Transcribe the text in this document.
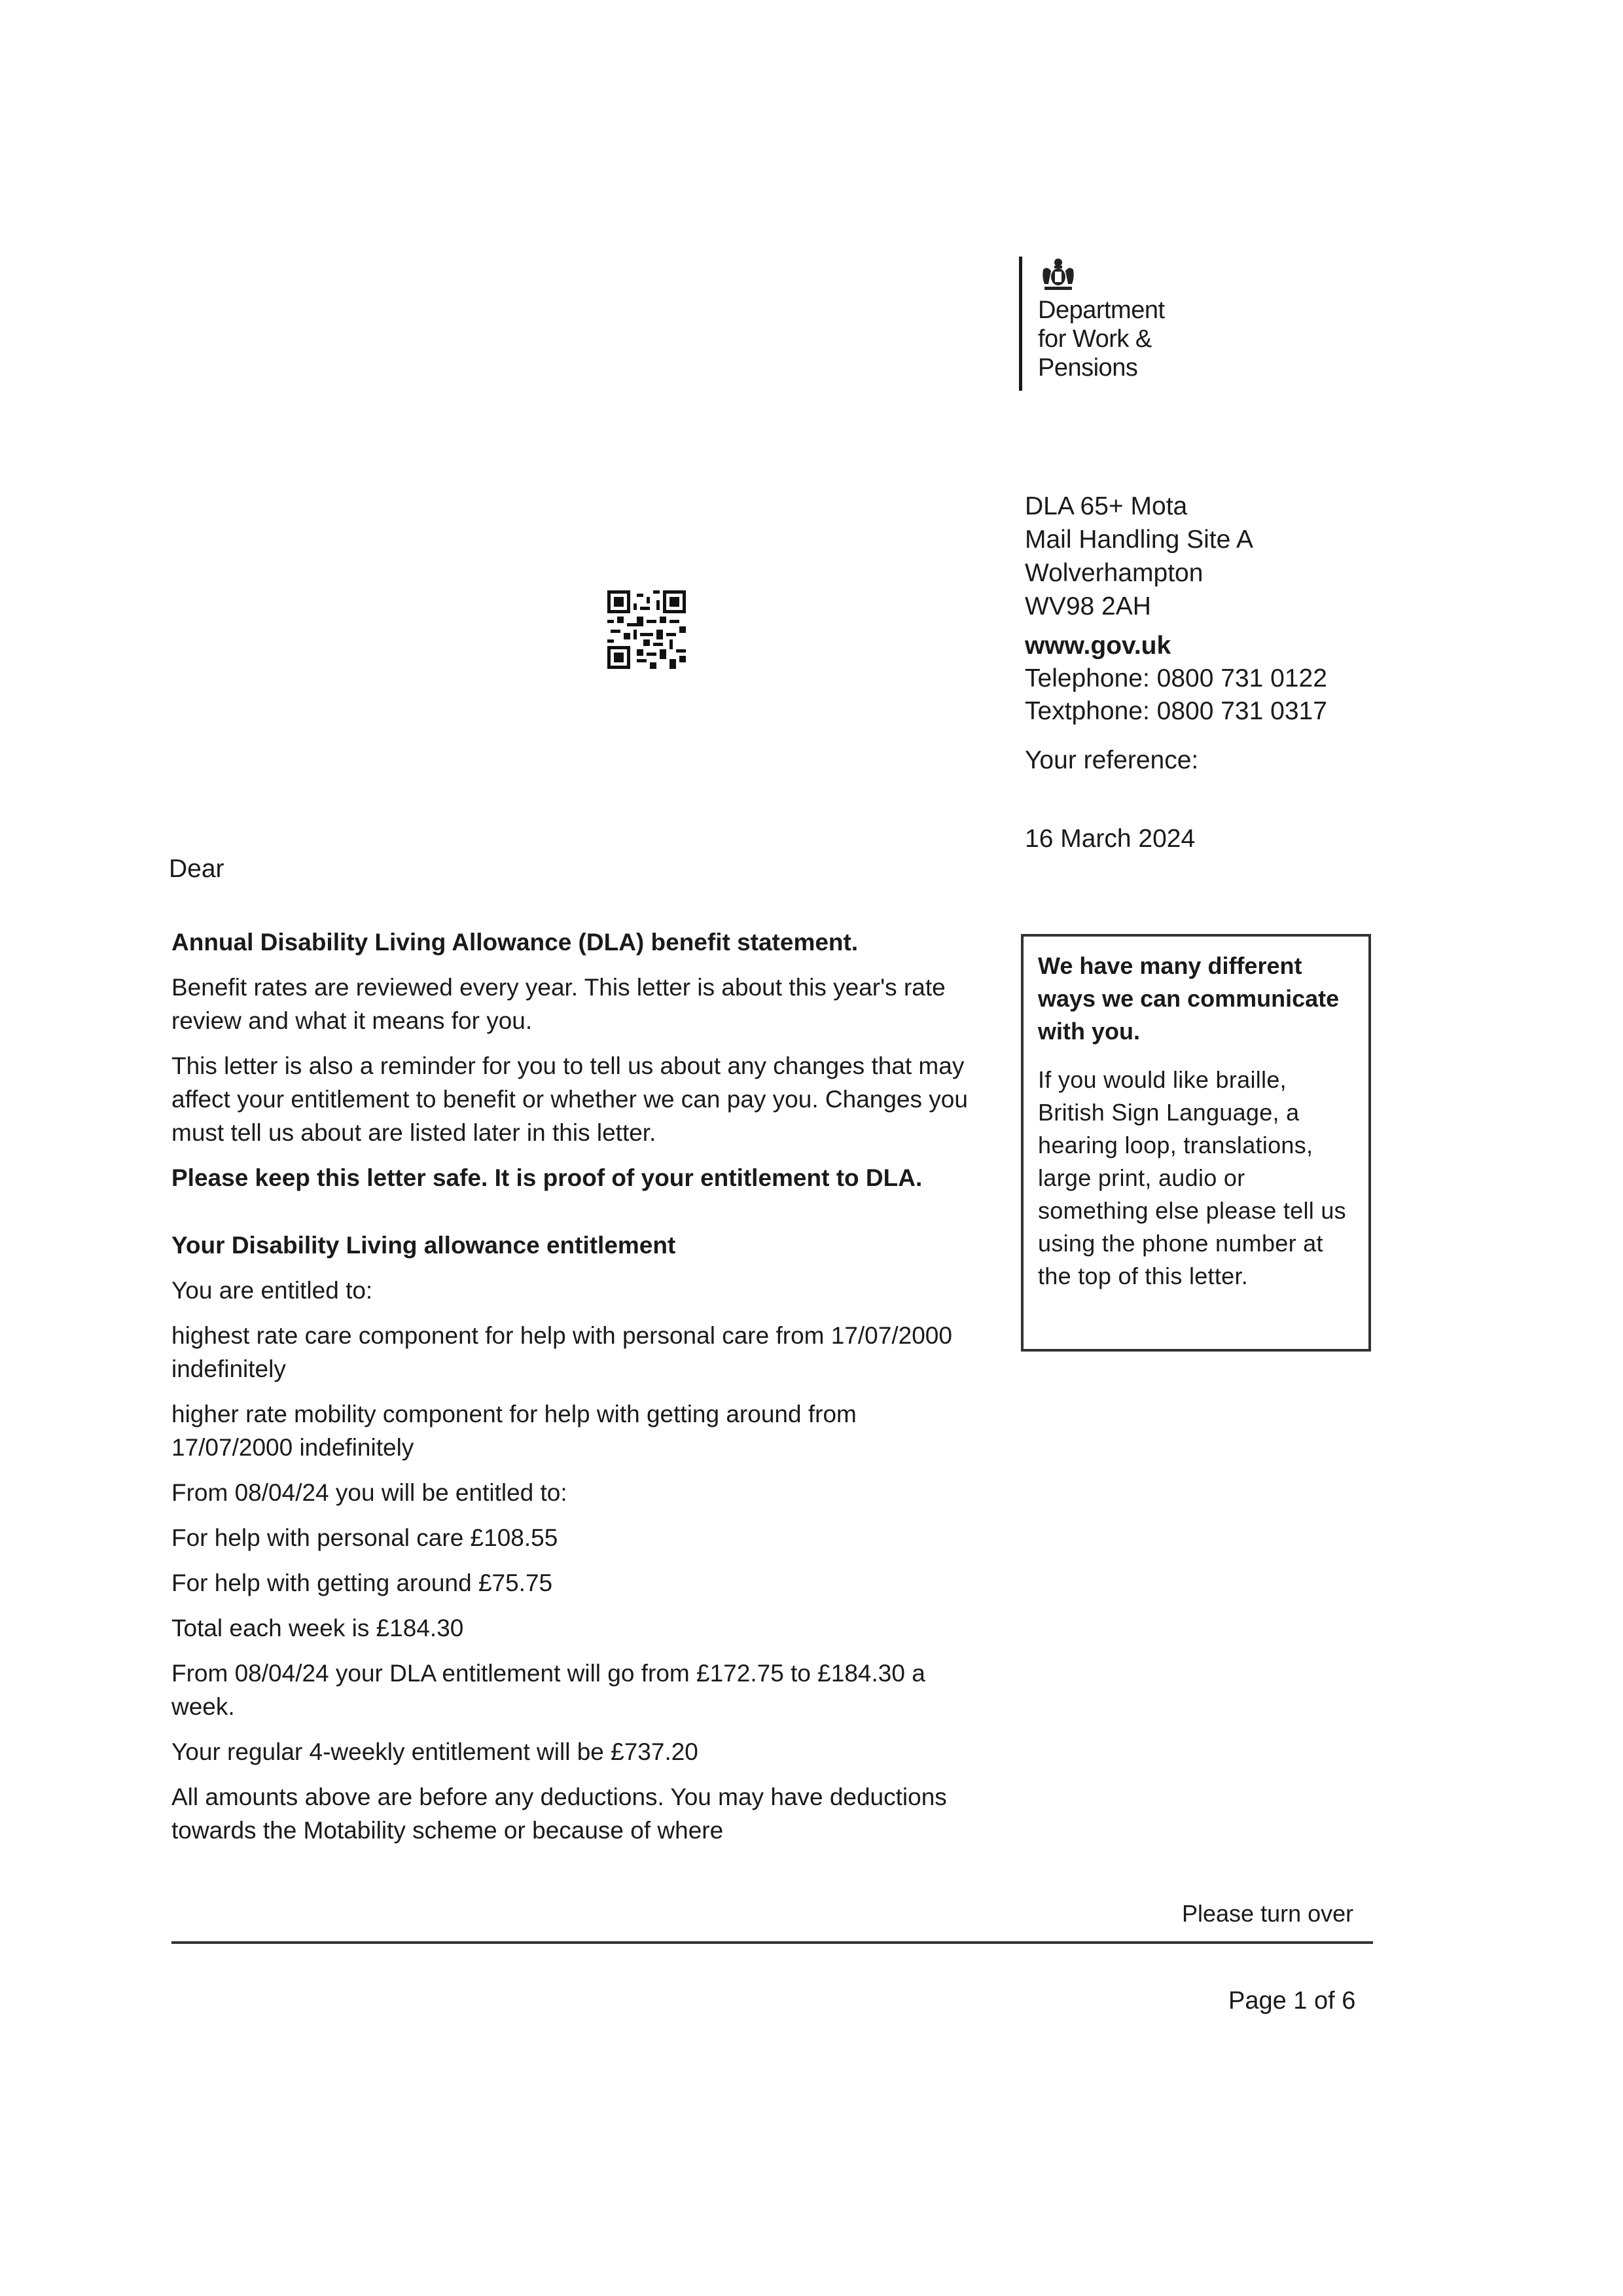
Department
for Work &
Pensions
DLA 65+ Mota
Mail Handling Site A
Wolverhampton
WV98 2AH
www.gov.uk
Telephone: 0800 731 0122
Textphone: 0800 731 0317
Your reference:
16 March 2024
Dear

Annual Disability Living Allowance (DLA) benefit statement.

Benefit rates are reviewed every year. This letter is about this year's rate review and what it means for you.

This letter is also a reminder for you to tell us about any changes that may affect your entitlement to benefit or whether we can pay you. Changes you must tell us about are listed later in this letter.

Please keep this letter safe. It is proof of your entitlement to DLA.

Your Disability Living allowance entitlement

You are entitled to:

highest rate care component for help with personal care from 17/07/2000 indefinitely

higher rate mobility component for help with getting around from 17/07/2000 indefinitely

From 08/04/24 you will be entitled to:

For help with personal care £108.55

For help with getting around £75.75

Total each week is £184.30

From 08/04/24 your DLA entitlement will go from £172.75 to £184.30 a week.

Your regular 4-weekly entitlement will be £737.20

All amounts above are before any deductions. You may have deductions towards the Motability scheme or because of where

We have many different ways we can communicate with you.
If you would like braille, British Sign Language, a hearing loop, translations, large print, audio or something else please tell us using the phone number at the top of this letter.
Please turn over
Page 1 of 6
